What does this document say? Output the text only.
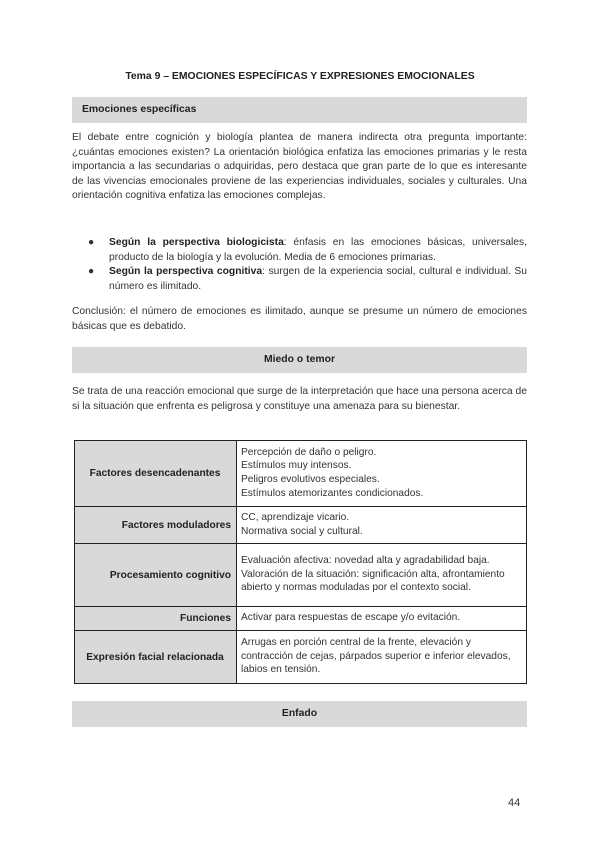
Tema 9 – EMOCIONES ESPECÍFICAS Y EXPRESIONES EMOCIONALES
Emociones específicas
El debate entre cognición y biología plantea de manera indirecta otra pregunta importante: ¿cuántas emociones existen? La orientación biológica enfatiza las emociones primarias y le resta importancia a las secundarias o adquiridas, pero destaca que gran parte de lo que es interesante de las vivencias emocionales proviene de las experiencias individuales, sociales y culturales. Una orientación cognitiva enfatiza las emociones complejas.
● Según la perspectiva biologicista: énfasis en las emociones básicas, universales, producto de la biología y la evolución. Media de 6 emociones primarias.
● Según la perspectiva cognitiva: surgen de la experiencia social, cultural e individual. Su número es ilimitado.
Conclusión: el número de emociones es ilimitado, aunque se presume un número de emociones básicas que es debatido.
Miedo o temor
Se trata de una reacción emocional que surge de la interpretación que hace una persona acerca de si la situación que enfrenta es peligrosa y constituye una amenaza para su bienestar.
Factores desencadenantes	Percepción de daño o peligro.
Estímulos muy intensos.
Peligros evolutivos especiales.
Estímulos atemorizantes condicionados.

Factores moduladores	CC, aprendizaje vicario.
Normativa social y cultural.

Procesamiento cognitivo	Evaluación afectiva: novedad alta y agradabilidad baja.
Valoración de la situación: significación alta, afrontamiento abierto y normas moduladas por el contexto social.

Funciones	Activar para respuestas de escape y/o evitación.

Expresión facial relacionada	Arrugas en porción central de la frente, elevación y contracción de cejas, párpados superior e inferior elevados, labios en tensión.
Enfado
44
